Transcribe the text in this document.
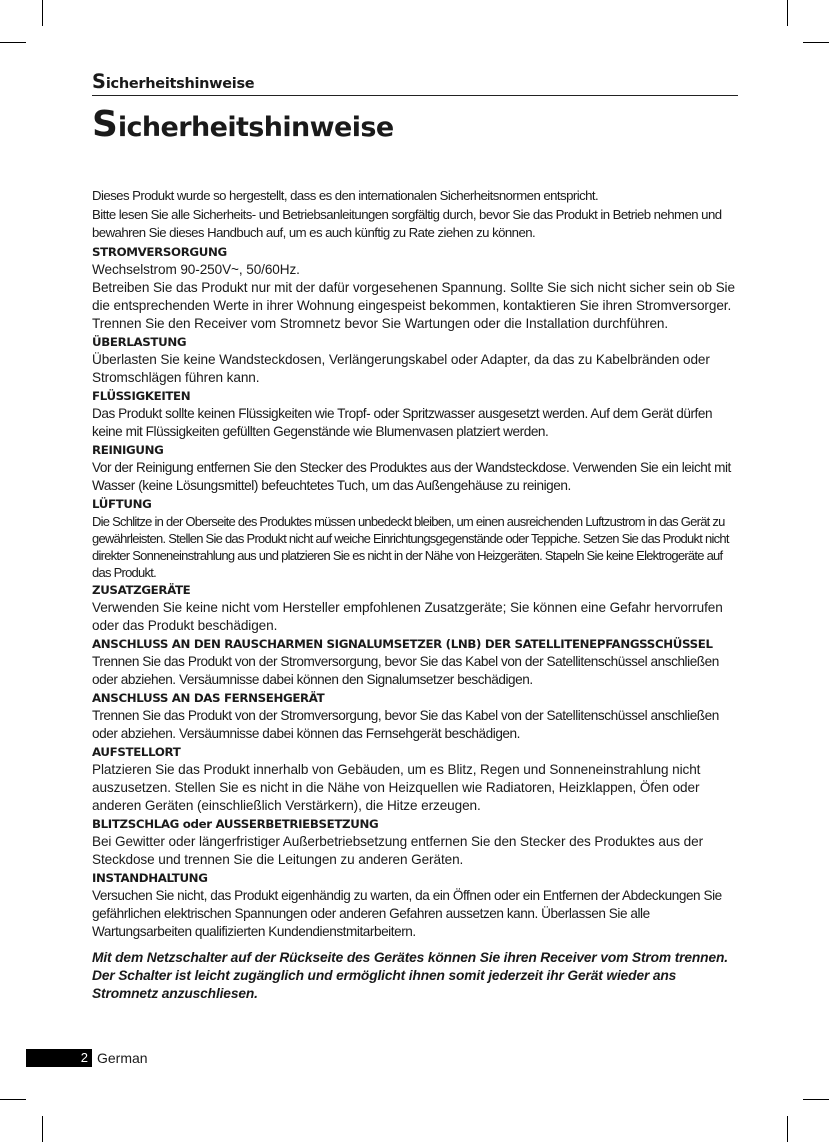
Sicherheitshinweise
Sicherheitshinweise

Dieses Produkt wurde so hergestellt, dass es den internationalen Sicherheitsnormen entspricht.

Bitte lesen Sie alle Sicherheits- und Betriebsanleitungen sorgfältig durch, bevor Sie das Produkt in Betrieb nehmen und bewahren Sie dieses Handbuch auf, um es auch künftig zu Rate ziehen zu können.

STROMVERSORGUNG

Wechselstrom 90-250V~, 50/60Hz.

Betreiben Sie das Produkt nur mit der dafür vorgesehenen Spannung. Sollte Sie sich nicht sicher sein ob Sie die entsprechenden Werte in ihrer Wohnung eingespeist bekommen, kontaktieren Sie ihren Stromversorger. Trennen Sie den Receiver vom Stromnetz bevor Sie Wartungen oder die Installation durchführen.

ÜBERLASTUNG

Überlasten Sie keine Wandsteckdosen, Verlängerungskabel oder Adapter, da das zu Kabelbränden oder Stromschlägen führen kann.

FLÜSSIGKEITEN

Das Produkt sollte keinen Flüssigkeiten wie Tropf- oder Spritzwasser ausgesetzt werden. Auf dem Gerät dürfen keine mit Flüssigkeiten gefüllten Gegenstände wie Blumenvasen platziert werden.

REINIGUNG

Vor der Reinigung entfernen Sie den Stecker des Produktes aus der Wandsteckdose. Verwenden Sie ein leicht mit Wasser (keine Lösungsmittel) befeuchtetes Tuch, um das Außengehäuse zu reinigen.

LÜFTUNG

Die Schlitze in der Oberseite des Produktes müssen unbedeckt bleiben, um einen ausreichenden Luftzustrom in das Gerät zu gewährleisten. Stellen Sie das Produkt nicht auf weiche Einrichtungsgegenstände oder Teppiche. Setzen Sie das Produkt nicht direkter Sonneneinstrahlung aus und platzieren Sie es nicht in der Nähe von Heizgeräten. Stapeln Sie keine Elektrogeräte auf das Produkt.

ZUSATZGERÄTE

Verwenden Sie keine nicht vom Hersteller empfohlenen Zusatzgeräte; Sie können eine Gefahr hervorrufen oder das Produkt beschädigen.

ANSCHLUSS AN DEN RAUSCHARMEN SIGNALUMSETZER (LNB) DER SATELLITENEPFANGSSCHÜSSEL

Trennen Sie das Produkt von der Stromversorgung, bevor Sie das Kabel von der Satellitenschüssel anschließen oder abziehen. Versäumnisse dabei können den Signalumsetzer beschädigen.

ANSCHLUSS AN DAS FERNSEHGERÄT

Trennen Sie das Produkt von der Stromversorgung, bevor Sie das Kabel von der Satellitenschüssel anschließen oder abziehen. Versäumnisse dabei können das Fernsehgerät beschädigen.

AUFSTELLORT

Platzieren Sie das Produkt innerhalb von Gebäuden, um es Blitz, Regen und Sonneneinstrahlung nicht auszusetzen. Stellen Sie es nicht in die Nähe von Heizquellen wie Radiatoren, Heizklappen, Öfen oder anderen Geräten (einschließlich Verstärkern), die Hitze erzeugen.

BLITZSCHLAG oder AUSSERBETRIEBSETZUNG

Bei Gewitter oder längerfristiger Außerbetriebsetzung entfernen Sie den Stecker des Produktes aus der Steckdose und trennen Sie die Leitungen zu anderen Geräten.

INSTANDHALTUNG

Versuchen Sie nicht, das Produkt eigenhändig zu warten, da ein Öffnen oder ein Entfernen der Abdeckungen Sie gefährlichen elektrischen Spannungen oder anderen Gefahren aussetzen kann. Überlassen Sie alle Wartungsarbeiten qualifizierten Kundendienstmitarbeitern.

Mit dem Netzschalter auf der Rückseite des Gerätes können Sie ihren Receiver vom Strom trennen. Der Schalter ist leicht zugänglich und ermöglicht ihnen somit jederzeit ihr Gerät wieder ans Stromnetz anzuschliesen.

2 German
